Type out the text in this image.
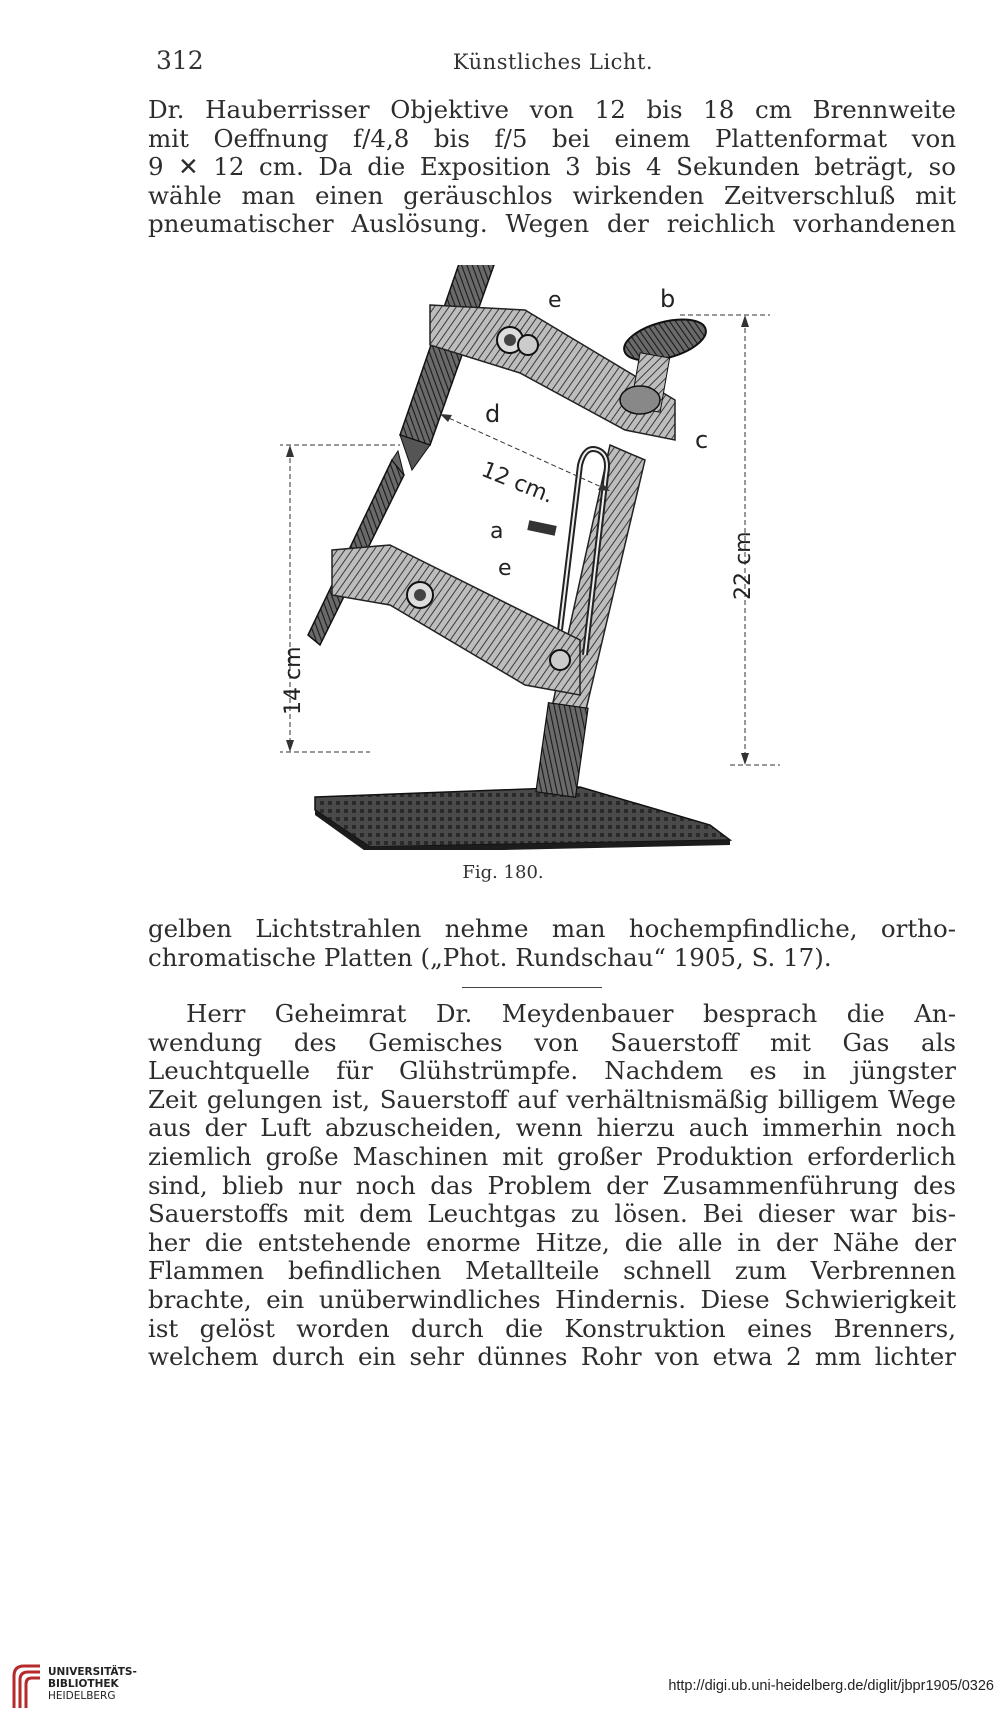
312	Künstliches Licht.

Dr. Hauberrisser Objektive von 12 bis 18 cm Brennweite
mit Oeffnung f/4,8 bis f/5 bei einem Plattenformat von
9 ✕ 12 cm. Da die Exposition 3 bis 4 Sekunden beträgt, so
wähle man einen geräuschlos wirkenden Zeitverschluß mit
pneumatischer Auslösung. Wegen der reichlich vorhandenen

e	b
c
d
e
a
12 cm.
14 cm
22 cm
Fig. 180.

gelben Lichtstrahlen nehme man hochempfindliche, ortho-
chromatische Platten („Phot. Rundschau“ 1905, S. 17).

Herr Geheimrat Dr. Meydenbauer besprach die An-
wendung des Gemisches von Sauerstoff mit Gas als
Leuchtquelle für Glühstrümpfe. Nachdem es in jüngster
Zeit gelungen ist, Sauerstoff auf verhältnismäßig billigem Wege
aus der Luft abzuscheiden, wenn hierzu auch immerhin noch
ziemlich große Maschinen mit großer Produktion erforderlich
sind, blieb nur noch das Problem der Zusammenführung des
Sauerstoffs mit dem Leuchtgas zu lösen. Bei dieser war bis-
her die entstehende enorme Hitze, die alle in der Nähe der
Flammen befindlichen Metallteile schnell zum Verbrennen
brachte, ein unüberwindliches Hindernis. Diese Schwierigkeit
ist gelöst worden durch die Konstruktion eines Brenners,
welchem durch ein sehr dünnes Rohr von etwa 2 mm lichter

UNIVERSITÄTS-
BIBLIOTHEK
HEIDELBERG
http://digi.ub.uni-heidelberg.de/diglit/jbpr1905/0326
